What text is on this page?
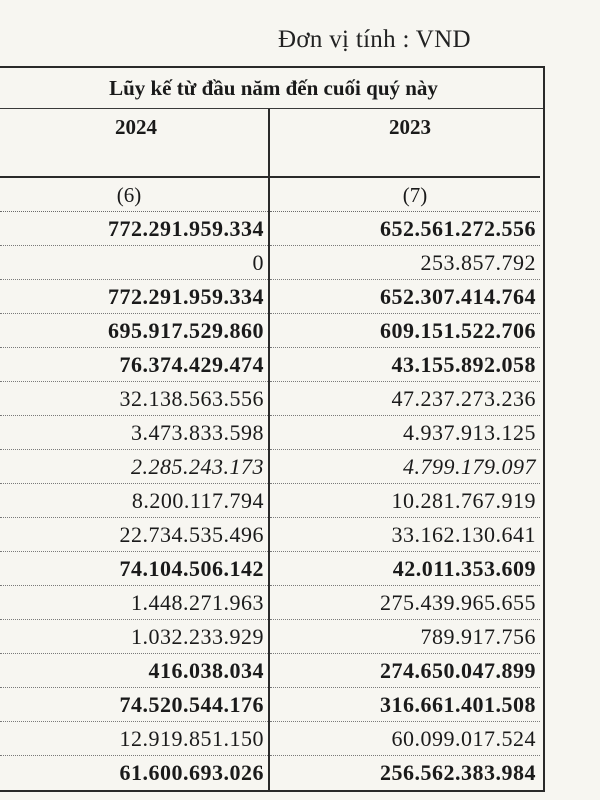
Đơn vị tính : VND
Lũy kế từ đầu năm đến cuối quý này
2024
(6)
772.291.959.334
0
772.291.959.334
695.917.529.860
76.374.429.474
32.138.563.556
3.473.833.598
2.285.243.173
8.200.117.794
22.734.535.496
74.104.506.142
1.448.271.963
1.032.233.929
416.038.034
74.520.544.176
12.919.851.150
61.600.693.026
2023
(7)
652.561.272.556
253.857.792
652.307.414.764
609.151.522.706
43.155.892.058
47.237.273.236
4.937.913.125
4.799.179.097
10.281.767.919
33.162.130.641
42.011.353.609
275.439.965.655
789.917.756
274.650.047.899
316.661.401.508
60.099.017.524
256.562.383.984
